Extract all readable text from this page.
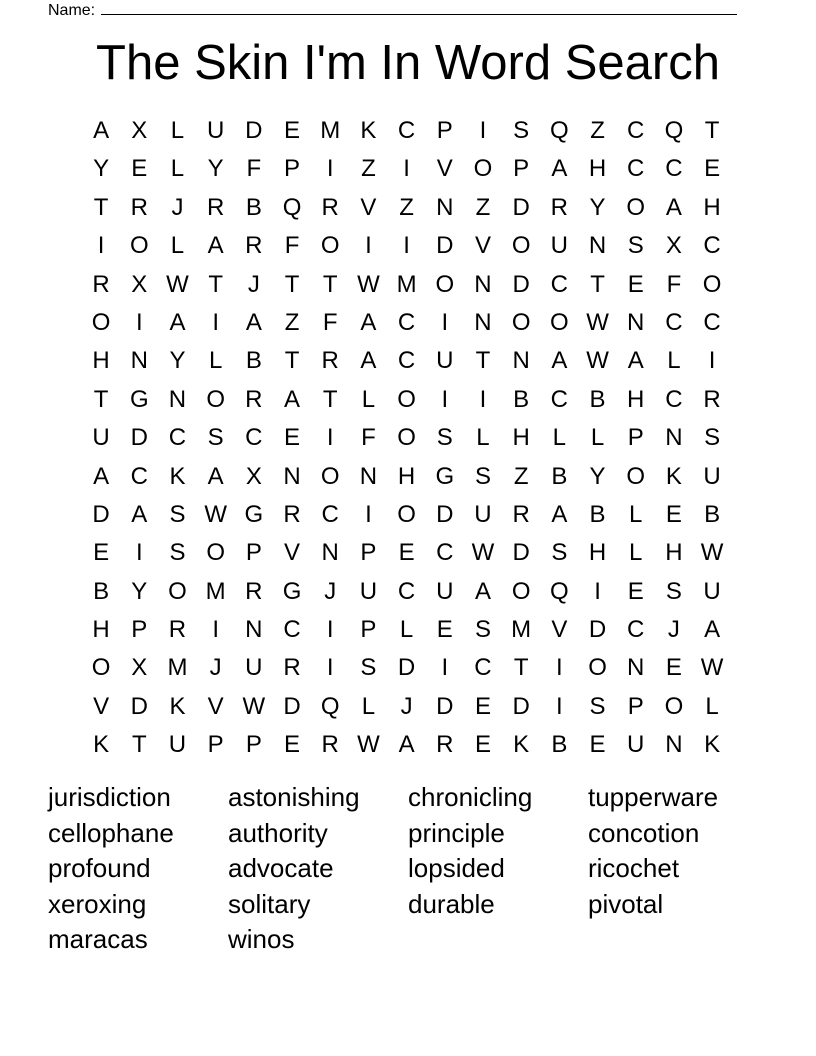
Name:
The Skin I'm In Word Search
A X L U D E M K C P	I	S Q Z C Q T
Y E L Y F P	I	Z	I	V O P A H C C E
T R J R B Q R V Z N Z D R Y O A H
I	O L A R F O	I	I	D V O U N S X C
R X W T	J	T T W M O N D C T E F O
O	I	A	I	A Z F A C	I	N O O W N C C
H N Y L B T R A C U T N A W A L	I
T G N O R A T	L O	I	I	B C B H C R
U D C S C E	I	F O S L H L	L P N S
A C K A X N O N H G S Z B Y O K U
D A S W G R C	I	O D U R A B L E B
E	I	S O P V N P E C W D S H L H W
B Y O M R G J U C U A O Q	I	E S U
H P R	I	N C	I	P L E S M V D C J	A
O X M J U R	I	S D	I	C T	I	O N E W
V D K V W D Q L	J D E D	I	S P O L
K T U P P E R W A R E K B E U N K
jurisdiction	astonishing	chronicling	tupperware
cellophane	authority	principle	concotion
profound	advocate	lopsided	ricochet
xeroxing	solitary	durable	pivotal
maracas	winos
